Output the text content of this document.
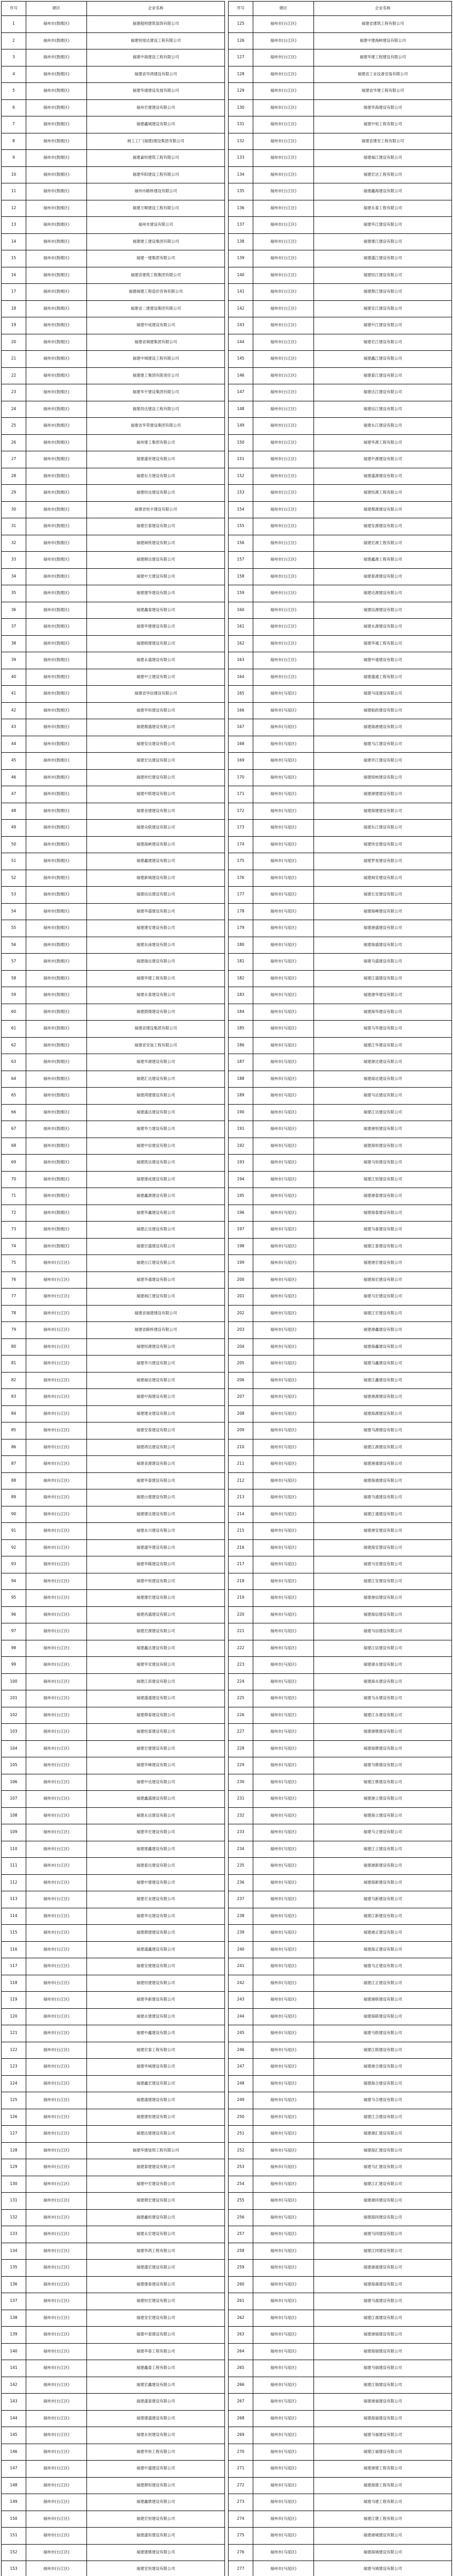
序号	辖区	企业名称
1	福州市(鼓楼区)	福建超则建筑装饰有限公司
2	福州市(鼓楼区)	福建恒旭达建设工程有限公司
3	福州市(鼓楼区)	福建中海建设工程有限公司
4	福州市(鼓楼区)	福建省华鸿建设有限公司
5	福州市(鼓楼区)	福建华通建设发展有限公司
6	福州市(鼓楼区)	福州宏建建设有限公司
7	福州市(鼓楼区)	福建鑫城建设有限公司
8	福州市(鼓楼区)	闽工工厂(福建)建设集团有限公司
9	福州市(鼓楼区)	福建嘉恒建筑工程有限公司
10	福州市(鼓楼区)	福建华阳建设工程有限公司
11	福州市(鼓楼区)	福州市路桥建设有限公司
12	福州市(鼓楼区)	福建万顺建设工程有限公司
13	福州市(鼓楼区)	福州市建设有限公司
14	福州市(鼓楼区)	福建建工建设集团有限公司
15	福州市(鼓楼区)	福建一建集团有限公司
16	福州市(鼓楼区)	福建省建筑工程集团有限公司
17	福州市(鼓楼区)	福建闽建工程造价咨询有限公司
18	福州市(鼓楼区)	福建省二建建设集团有限公司
19	福州市(鼓楼区)	福建中成建设有限公司
20	福州市(鼓楼区)	福建省城建集团有限公司
21	福州市(鼓楼区)	福建中城建设工程有限公司
22	福州市(鼓楼区)	福建建工集团有限责任公司
23	福州市(鼓楼区)	福建华宇建设集团有限公司
24	福州市(鼓楼区)	福建昌达建设工程有限公司
25	福州市(鼓楼区)	福建省华荣建设集团有限公司
26	福州市(鼓楼区)	福州建工集团有限公司
27	福州市(鼓楼区)	福建盛世建设有限公司
28	福州市(鼓楼区)	福建东方建设有限公司
29	福州市(鼓楼区)	福建恒达建设有限公司
30	福州市(鼓楼区)	福建省恒丰建设有限公司
31	福州市(鼓楼区)	福建宏泰建设有限公司
32	福州市(鼓楼区)	福建闽铁建设有限公司
33	福州市(鼓楼区)	福建顺达建设有限公司
34	福州市(鼓楼区)	福建中天建设有限公司
35	福州市(鼓楼区)	福建建华建设有限公司
36	福州市(鼓楼区)	福建鑫泰建设有限公司
37	福州市(鼓楼区)	福建华建建设有限公司
38	福州市(鼓楼区)	福建榕建建设有限公司
39	福州市(鼓楼区)	福建永盛建设有限公司
40	福州市(鼓楼区)	福建中立建设有限公司
41	福州市(鼓楼区)	福建省华信建设有限公司
42	福州市(鼓楼区)	福建华恒建设有限公司
43	福州市(鼓楼区)	福建鼎盛建设有限公司
44	福州市(鼓楼区)	福建安达建设有限公司
45	福州市(鼓楼区)	福建宏达建设有限公司
46	福州市(鼓楼区)	福建世纪建设有限公司
47	福州市(鼓楼区)	福建中联建设有限公司
48	福州市(鼓楼区)	福建金建建设有限公司
49	福州市(鼓楼区)	福建众联建设有限公司
50	福州市(鼓楼区)	福建海峡建设有限公司
51	福州市(鼓楼区)	福建鑫建建设有限公司
52	福州市(鼓楼区)	福建新城建设有限公司
53	福州市(鼓楼区)	福建信达建设有限公司
54	福州市(鼓楼区)	福建华盛建设有限公司
55	福州市(鼓楼区)	福建建安建设有限公司
56	福州市(鼓楼区)	福建东南建设有限公司
57	福州市(鼓楼区)	福建瑞达建设有限公司
58	福州市(鼓楼区)	福建华建工程有限公司
59	福州市(鼓楼区)	福建永泰建设有限公司
60	福州市(鼓楼区)	福建鼓楼建设有限公司
61	福州市(鼓楼区)	福建省建设集团有限公司
62	福州市(鼓楼区)	福建省安装工程有限公司
63	福州市(鼓楼区)	福建华源建设有限公司
64	福州市(鼓楼区)	福建汇达建设有限公司
65	福州市(鼓楼区)	福建鸿建建设有限公司
66	福州市(鼓楼区)	福建盛达建设有限公司
67	福州市(鼓楼区)	福建华力建设有限公司
68	福州市(鼓楼区)	福建中信建设有限公司
69	福州市(鼓楼区)	福建凯达建设有限公司
70	福州市(鼓楼区)	福建建成建设有限公司
71	福州市(鼓楼区)	福建鑫源建设有限公司
72	福州市(鼓楼区)	福建华鑫建设有限公司
73	福州市(鼓楼区)	福建正达建设有限公司
74	福州市(鼓楼区)	福建宏盛建设有限公司
75	福州市(台江区)	福建台江建设有限公司
76	福州市(台江区)	福建华通建设有限公司
77	福州市(台江区)	福建闽江建设有限公司
78	福州市(台江区)	福建省福建建设有限公司
79	福州市(台江区)	福建省路桥建设有限公司
80	福州市(台江区)	福建恒源建设有限公司
81	福州市(台江区)	福建华兴建设有限公司
82	福州市(台江区)	福建福达建设有限公司
83	福州市(台江区)	福建中海建设有限公司
84	福州市(台江区)	福建建业建设有限公司
85	福州市(台江区)	福建安泰建设有限公司
86	福州市(台江区)	福建鸿达建设有限公司
87	福州市(台江区)	福建金源建设有限公司
88	福州市(台江区)	福建华泰建设有限公司
89	福州市(台江区)	福建台建建设有限公司
90	福州市(台江区)	福建建达建设有限公司
91	福州市(台江区)	福建永兴建设有限公司
92	福州市(台江区)	福建盛华建设有限公司
93	福州市(台江区)	福建华隆建设有限公司
94	福州市(台江区)	福建中恒建设有限公司
95	福州市(台江区)	福建建宏建设有限公司
96	福州市(台江区)	福建昌盛建设有限公司
97	福州市(台江区)	福建宏源建设有限公司
98	福州市(台江区)	福建鑫达建设有限公司
99	福州市(台江区)	福建华安建设有限公司
100	福州市(台江区)	福建江滨建设有限公司
101	福州市(台江区)	福建盛通建设有限公司
102	福州市(台江区)	福建鼎泰建设有限公司
103	福州市(台江区)	福建恒泰建设有限公司
104	福州市(台江区)	福建宏建建设有限公司
105	福州市(台江区)	福建华峰建设有限公司
106	福州市(台江区)	福建中达建设有限公司
107	福州市(台江区)	福建鑫盛建设有限公司
108	福州市(台江区)	福建永达建设有限公司
109	福州市(台江区)	福建华宏建设有限公司
110	福州市(台江区)	福建建鑫建设有限公司
111	福州市(台江区)	福建泰达建设有限公司
112	福州市(台江区)	福建中建建设有限公司
113	福州市(台江区)	福建宏业建设有限公司
114	福州市(台江区)	福建华达建设有限公司
115	福州市(台江区)	福建鼎建建设有限公司
116	福州市(台江区)	福建盛鑫建设有限公司
117	福州市(台江区)	福建安建建设有限公司
118	福州市(台江区)	福建恒建建设有限公司
119	福州市(台江区)	福建华新建设有限公司
120	福州市(台江区)	福建永建建设有限公司
121	福州市(台江区)	福建中鑫建设有限公司
122	福州市(台江区)	福建宏泰工程有限公司
123	福州市(台江区)	福建华城建设有限公司
124	福州市(台江区)	福建鑫宏建设有限公司
125	福州市(台江区)	福建盛建建设有限公司
126	福州市(台江区)	福建建恒建设有限公司
127	福州市(台江区)	福建达建建设有限公司
128	福州市(台江区)	福建华建装饰工程有限公司
129	福州市(台江区)	福建泰建建设有限公司
130	福州市(台江区)	福建中宏建设有限公司
131	福州市(台江区)	福建鼎宏建设有限公司
132	福州市(台江区)	福建鑫恒建设有限公司
133	福州市(台江区)	福建永宏建设有限公司
134	福州市(台江区)	福建华鸿工程有限公司
135	福州市(台江区)	福建盛宏建设有限公司
136	福州市(台江区)	福建建泰建设有限公司
137	福州市(台江区)	福建恒宏建设有限公司
138	福州市(台江区)	福建安宏建设有限公司
139	福州市(台江区)	福建中泰建设有限公司
140	福州市(台江区)	福建华泰工程有限公司
141	福州市(台江区)	福建鑫泰工程有限公司
142	福州市(台江区)	福建宏鑫建设有限公司
143	福州市(台江区)	福建盛泰建设有限公司
144	福州市(台江区)	福建建盛建设有限公司
145	福州市(台江区)	福建永恒建设有限公司
146	福州市(台江区)	福建华恒工程有限公司
147	福州市(台江区)	福建中盛建设有限公司
148	福州市(台江区)	福建鼎恒建设有限公司
149	福州市(台江区)	福建鑫鼎建设有限公司
150	福州市(台江区)	福建宏恒建设有限公司
151	福州市(台江区)	福建盛恒建设有限公司
152	福州市(台江区)	福建建鼎建设有限公司
153	福州市(台江区)	福建安恒建设有限公司

序号	辖区	企业名称
125	福州市(台江区)	福建省建筑工程有限公司
126	福州市(台江区)	福建中建海峡建设有限公司
127	福州市(台江区)	福建华建工程建设有限公司
128	福州市(台江区)	福建省工业设备安装有限公司
129	福州市(台江区)	福建省华建工程有限公司
130	福州市(台江区)	福建华海建设有限公司
131	福州市(台江区)	福建中恒工程有限公司
132	福州市(台江区)	福建省建安工程有限公司
133	福州市(台江区)	福建福江建设有限公司
134	福州市(台江区)	福建宏达工程有限公司
135	福州市(台江区)	福建鑫海建设有限公司
136	福州市(台江区)	福建永泰工程有限公司
137	福州市(台江区)	福建华江建设有限公司
138	福州市(台江区)	福建建江建设有限公司
139	福州市(台江区)	福建盛江建设有限公司
140	福州市(台江区)	福建恒江建设有限公司
141	福州市(台江区)	福建鼎江建设有限公司
142	福州市(台江区)	福建安江建设有限公司
143	福州市(台江区)	福建中江建设有限公司
144	福州市(台江区)	福建宏江建设有限公司
145	福州市(台江区)	福建鑫江建设有限公司
146	福州市(台江区)	福建泰江建设有限公司
147	福州市(台江区)	福建达江建设有限公司
148	福州市(台江区)	福建信江建设有限公司
149	福州市(台江区)	福建永江建设有限公司
150	福州市(台江区)	福建华源工程有限公司
151	福州市(台江区)	福建中源建设有限公司
152	福州市(台江区)	福建盛源建设有限公司
153	福州市(台江区)	福建恒源工程有限公司
154	福州市(台江区)	福建鼎源建设有限公司
155	福州市(台江区)	福建安源建设有限公司
156	福州市(台江区)	福建宏源工程有限公司
157	福州市(台江区)	福建鑫源工程有限公司
158	福州市(台江区)	福建泰源建设有限公司
159	福州市(台江区)	福建达源建设有限公司
160	福州市(台江区)	福建信源建设有限公司
161	福州市(台江区)	福建永源建设有限公司
162	福州市(台江区)	福建华通工程有限公司
163	福州市(台江区)	福建中通建设有限公司
164	福州市(台江区)	福建盛通工程有限公司
165	福州市(马尾区)	福建马尾建设有限公司
166	福州市(马尾区)	福建船政建设有限公司
167	福州市(马尾区)	福建海港建设有限公司
168	福州市(马尾区)	福建马江建设有限公司
169	福州市(马尾区)	福建亭江建设有限公司
170	福州市(马尾区)	福建琅岐建设有限公司
171	福州市(马尾区)	福建港建建设有限公司
172	福州市(马尾区)	福建海建建设有限公司
173	福州市(马尾区)	福建东江建设有限公司
174	福州市(马尾区)	福建快安建设有限公司
175	福州市(马尾区)	福建罗星建设有限公司
176	福州市(马尾区)	福建闽安建设有限公司
177	福州市(马尾区)	福建长安建设有限公司
178	福州市(马尾区)	福建海峰建设有限公司
179	福州市(马尾区)	福建港盛建设有限公司
180	福州市(马尾区)	福建海盛建设有限公司
181	福州市(马尾区)	福建马盛建设有限公司
182	福州市(马尾区)	福建江盛建设有限公司
183	福州市(马尾区)	福建港华建设有限公司
184	福州市(马尾区)	福建海华建设有限公司
185	福州市(马尾区)	福建马华建设有限公司
186	福州市(马尾区)	福建江华建设有限公司
187	福州市(马尾区)	福建港达建设有限公司
188	福州市(马尾区)	福建海达建设有限公司
189	福州市(马尾区)	福建马达建设有限公司
190	福州市(马尾区)	福建江达建设有限公司
191	福州市(马尾区)	福建港恒建设有限公司
192	福州市(马尾区)	福建海恒建设有限公司
193	福州市(马尾区)	福建马恒建设有限公司
194	福州市(马尾区)	福建江恒建设有限公司
195	福州市(马尾区)	福建港泰建设有限公司
196	福州市(马尾区)	福建海泰建设有限公司
197	福州市(马尾区)	福建马泰建设有限公司
198	福州市(马尾区)	福建江泰建设有限公司
199	福州市(马尾区)	福建港宏建设有限公司
200	福州市(马尾区)	福建海宏建设有限公司
201	福州市(马尾区)	福建马宏建设有限公司
202	福州市(马尾区)	福建江宏建设有限公司
203	福州市(马尾区)	福建港鑫建设有限公司
204	福州市(马尾区)	福建海鑫建设有限公司
205	福州市(马尾区)	福建马鑫建设有限公司
206	福州市(马尾区)	福建江鑫建设有限公司
207	福州市(马尾区)	福建港源建设有限公司
208	福州市(马尾区)	福建海源建设有限公司
209	福州市(马尾区)	福建马源建设有限公司
210	福州市(马尾区)	福建江源建设有限公司
211	福州市(马尾区)	福建港通建设有限公司
212	福州市(马尾区)	福建海通建设有限公司
213	福州市(马尾区)	福建马通建设有限公司
214	福州市(马尾区)	福建江通建设有限公司
215	福州市(马尾区)	福建港安建设有限公司
216	福州市(马尾区)	福建海安建设有限公司
217	福州市(马尾区)	福建马安建设有限公司
218	福州市(马尾区)	福建江安建设有限公司
219	福州市(马尾区)	福建港信建设有限公司
220	福州市(马尾区)	福建海信建设有限公司
221	福州市(马尾区)	福建马信建设有限公司
222	福州市(马尾区)	福建江信建设有限公司
223	福州市(马尾区)	福建港永建设有限公司
224	福州市(马尾区)	福建海永建设有限公司
225	福州市(马尾区)	福建马永建设有限公司
226	福州市(马尾区)	福建江永建设有限公司
227	福州市(马尾区)	福建港鼎建设有限公司
228	福州市(马尾区)	福建海鼎建设有限公司
229	福州市(马尾区)	福建马鼎建设有限公司
230	福州市(马尾区)	福建江鼎建设有限公司
231	福州市(马尾区)	福建港立建设有限公司
232	福州市(马尾区)	福建海立建设有限公司
233	福州市(马尾区)	福建马立建设有限公司
234	福州市(马尾区)	福建江立建设有限公司
235	福州市(马尾区)	福建港新建设有限公司
236	福州市(马尾区)	福建海新建设有限公司
237	福州市(马尾区)	福建马新建设有限公司
238	福州市(马尾区)	福建江新建设有限公司
239	福州市(马尾区)	福建港正建设有限公司
240	福州市(马尾区)	福建海正建设有限公司
241	福州市(马尾区)	福建马正建设有限公司
242	福州市(马尾区)	福建江正建设有限公司
243	福州市(马尾区)	福建港联建设有限公司
244	福州市(马尾区)	福建海联建设有限公司
245	福州市(马尾区)	福建马联建设有限公司
246	福州市(马尾区)	福建江联建设有限公司
247	福州市(马尾区)	福建港合建设有限公司
248	福州市(马尾区)	福建海合建设有限公司
249	福州市(马尾区)	福建马合建设有限公司
250	福州市(马尾区)	福建江合建设有限公司
251	福州市(马尾区)	福建港汇建设有限公司
252	福州市(马尾区)	福建海汇建设有限公司
253	福州市(马尾区)	福建马汇建设有限公司
254	福州市(马尾区)	福建江汇建设有限公司
255	福州市(马尾区)	福建港同建设有限公司
256	福州市(马尾区)	福建海同建设有限公司
257	福州市(马尾区)	福建马同建设有限公司
258	福州市(马尾区)	福建江同建设有限公司
259	福州市(马尾区)	福建港晟建设有限公司
260	福州市(马尾区)	福建海晟建设有限公司
261	福州市(马尾区)	福建马晟建设有限公司
262	福州市(马尾区)	福建江晟建设有限公司
263	福州市(马尾区)	福建港瑞建设有限公司
264	福州市(马尾区)	福建海瑞建设有限公司
265	福州市(马尾区)	福建马瑞建设有限公司
266	福州市(马尾区)	福建江瑞建设有限公司
267	福州市(马尾区)	福建港福建设有限公司
268	福州市(马尾区)	福建海福建设有限公司
269	福州市(马尾区)	福建马福建设有限公司
270	福州市(马尾区)	福建江福建设有限公司
271	福州市(马尾区)	福建港建工程有限公司
272	福州市(马尾区)	福建海建工程有限公司
273	福州市(马尾区)	福建马建工程有限公司
274	福州市(马尾区)	福建江建工程有限公司
275	福州市(马尾区)	福建港城建设有限公司
276	福州市(马尾区)	福建海城建设有限公司
277	福州市(马尾区)	福建马城建设有限公司
